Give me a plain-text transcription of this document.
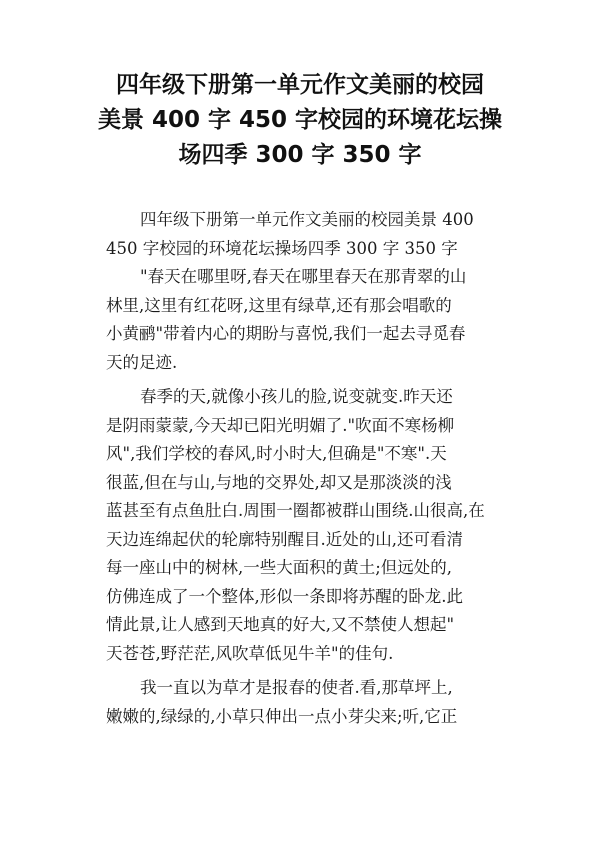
四年级下册第一单元作文美丽的校园
美景 400 字 450 字校园的环境花坛操
场四季 300 字 350 字
四年级下册第一单元作文美丽的校园美景 400
450 字校园的环境花坛操场四季 300 字 350 字
"春天在哪里呀,春天在哪里春天在那青翠的山
林里,这里有红花呀,这里有绿草,还有那会唱歌的
小黄鹂"带着内心的期盼与喜悦,我们一起去寻觅春
天的足迹.
春季的天,就像小孩儿的脸,说变就变.昨天还
是阴雨蒙蒙,今天却已阳光明媚了."吹面不寒杨柳
风",我们学校的春风,时小时大,但确是"不寒".天
很蓝,但在与山,与地的交界处,却又是那淡淡的浅
蓝甚至有点鱼肚白.周围一圈都被群山围绕.山很高,在
天边连绵起伏的轮廓特别醒目.近处的山,还可看清
每一座山中的树林,一些大面积的黄土;但远处的,
仿佛连成了一个整体,形似一条即将苏醒的卧龙.此
情此景,让人感到天地真的好大,又不禁使人想起"
天苍苍,野茫茫,风吹草低见牛羊"的佳句.
我一直以为草才是报春的使者.看,那草坪上,
嫩嫩的,绿绿的,小草只伸出一点小芽尖来;听,它正
